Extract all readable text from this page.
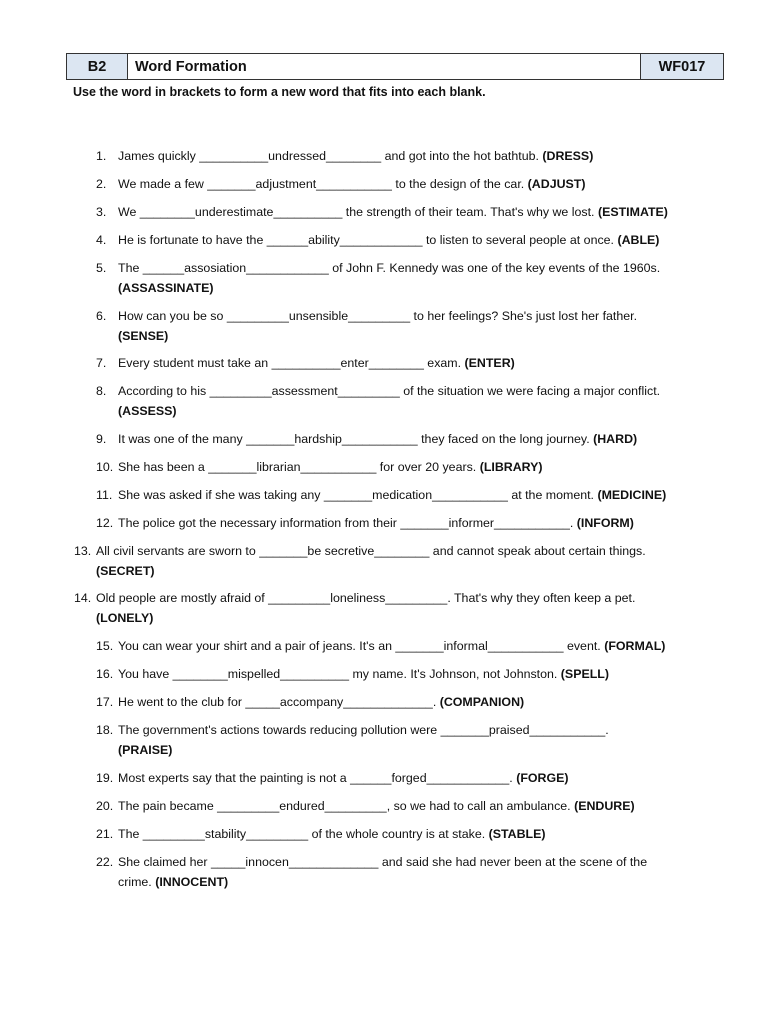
B2	Word Formation	WF017
Use the word in brackets to form a new word that fits into each blank.
1. James quickly __________undressed________ and got into the hot bathtub. (DRESS)
2. We made a few _______adjustment___________ to the design of the car. (ADJUST)
3. We ________underestimate__________ the strength of their team. That's why we lost. (ESTIMATE)
4. He is fortunate to have the ______ability____________ to listen to several people at once. (ABLE)
5. The ______assosiation____________ of John F. Kennedy was one of the key events of the 1960s.
(ASSASSINATE)
6. How can you be so _________unsensible_________ to her feelings? She's just lost her father.
(SENSE)
7. Every student must take an __________enter________ exam. (ENTER)
8. According to his _________assessment_________ of the situation we were facing a major conflict.
(ASSESS)
9. It was one of the many _______hardship___________ they faced on the long journey. (HARD)
10. She has been a _______librarian___________ for over 20 years. (LIBRARY)
11. She was asked if she was taking any _______medication___________ at the moment. (MEDICINE)
12. The police got the necessary information from their _______informer___________. (INFORM)
13. All civil servants are sworn to _______be secretive________ and cannot speak about certain things.
(SECRET)
14. Old people are mostly afraid of _________loneliness_________. That's why they often keep a pet.
(LONELY)
15. You can wear your shirt and a pair of jeans. It's an _______informal___________ event. (FORMAL)
16. You have ________mispelled__________ my name. It's Johnson, not Johnston. (SPELL)
17. He went to the club for _____accompany_____________. (COMPANION)
18. The government's actions towards reducing pollution were _______praised___________.
(PRAISE)
19. Most experts say that the painting is not a ______forged____________. (FORGE)
20. The pain became _________endured_________, so we had to call an ambulance. (ENDURE)
21. The _________stability_________ of the whole country is at stake. (STABLE)
22. She claimed her _____innocen_____________ and said she had never been at the scene of the
crime. (INNOCENT)
